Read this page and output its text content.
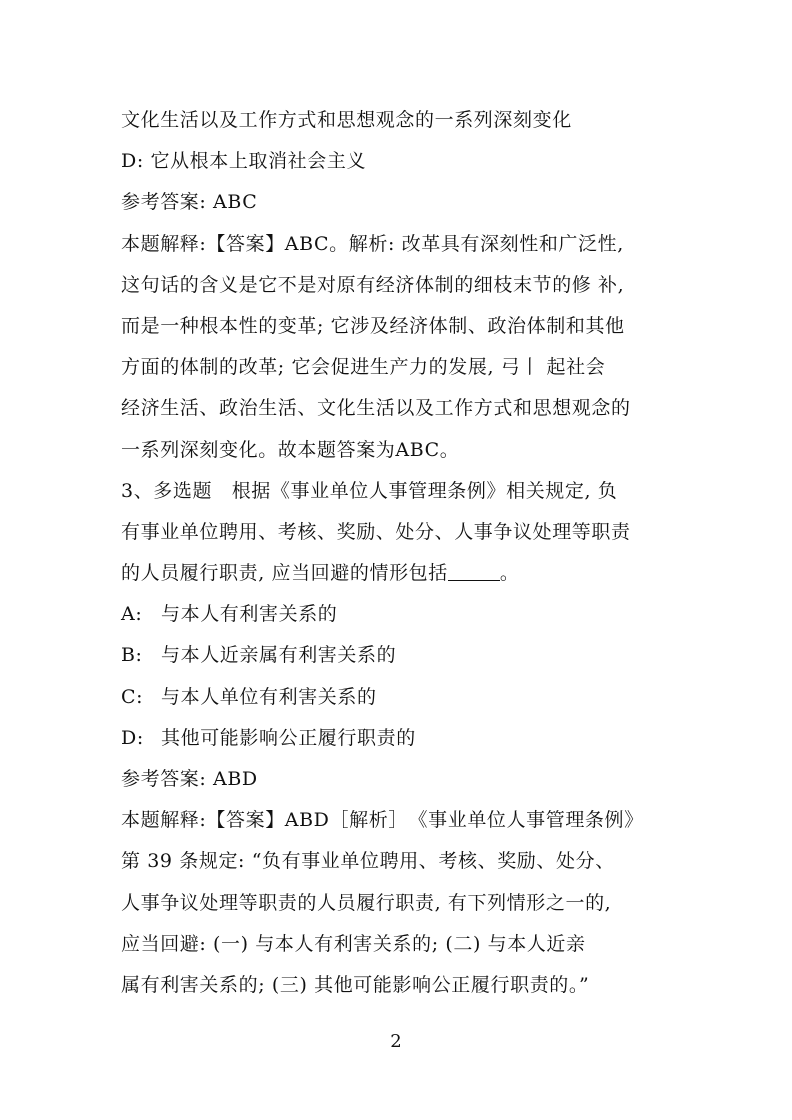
文化生活以及工作方式和思想观念的一系列深刻变化
D: 它从根本上取消社会主义
参考答案: ABC
本题解释:【答案】ABC。解析: 改革具有深刻性和广泛性,
这句话的含义是它不是对原有经济体制的细枝末节的修 补,
而是一种根本性的变革; 它涉及经济体制、政治体制和其他
方面的体制的改革; 它会促进生产力的发展, 弓丨 起社会
经济生活、政治生活、文化生活以及工作方式和思想观念的
一系列深刻变化。故本题答案为ABC。
3、多选题　根据《事业单位人事管理条例》相关规定, 负
有事业单位聘用、考核、奖励、处分、人事争议处理等职责
的人员履行职责, 应当回避的情形包括	。
A: 与本人有利害关系的
B: 与本人近亲属有利害关系的
C: 与本人单位有利害关系的
D: 其他可能影响公正履行职责的
参考答案: ABD
本题解释:【答案】ABD［解析］　《事业单位人事管理条例》
第 39 条规定: “负有事业单位聘用、考核、奖励、处分、
人事争议处理等职责的人员履行职责, 有下列情形之一的,
应当回避: (一) 与本人有利害关系的; (二) 与本人近亲
属有利害关系的; (三) 其他可能影响公正履行职责的。”
2
